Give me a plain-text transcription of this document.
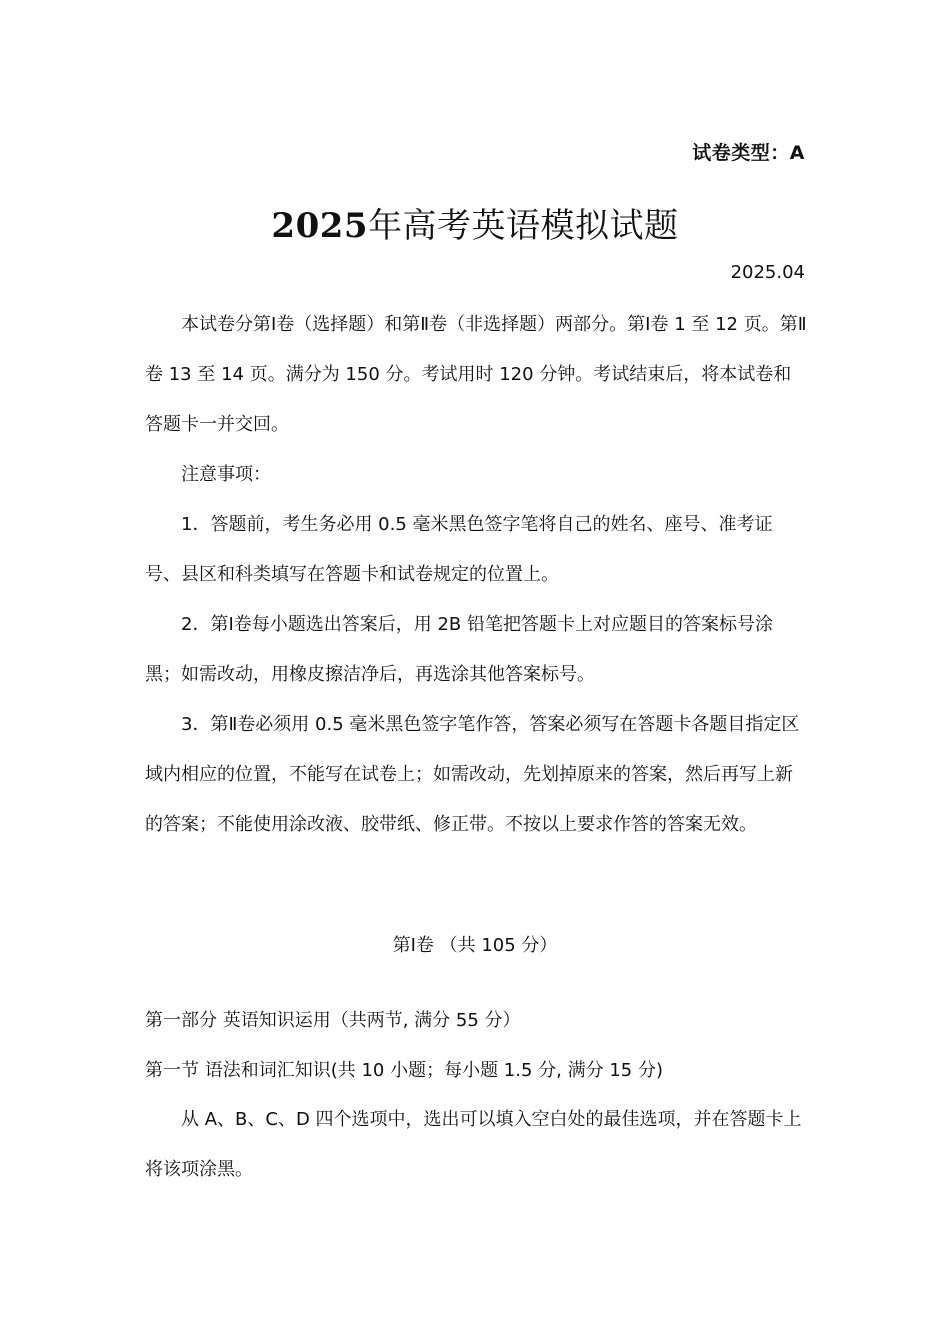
试卷类型：A
2025年高考英语模拟试题
2025.04

本试卷分第Ⅰ卷（选择题）和第Ⅱ卷（非选择题）两部分。第Ⅰ卷 1 至 12 页。第Ⅱ卷 13 至 14 页。满分为 150 分。考试用时 120 分钟。考试结束后，将本试卷和答题卡一并交回。

注意事项：

1．答题前，考生务必用 0.5 毫米黑色签字笔将自己的姓名、座号、准考证号、县区和科类填写在答题卡和试卷规定的位置上。

2．第Ⅰ卷每小题选出答案后，用 2B 铅笔把答题卡上对应题目的答案标号涂黑；如需改动，用橡皮擦洁净后，再选涂其他答案标号。

3．第Ⅱ卷必须用 0.5 毫米黑色签字笔作答，答案必须写在答题卡各题目指定区域内相应的位置，不能写在试卷上；如需改动，先划掉原来的答案，然后再写上新的答案；不能使用涂改液、胶带纸、修正带。不按以上要求作答的答案无效。

第Ⅰ卷 （共 105 分）
第一部分 英语知识运用（共两节, 满分 55 分）
第一节 语法和词汇知识(共 10 小题；每小题 1.5 分, 满分 15 分)

从 A、B、C、D 四个选项中，选出可以填入空白处的最佳选项，并在答题卡上将该项涂黑。
